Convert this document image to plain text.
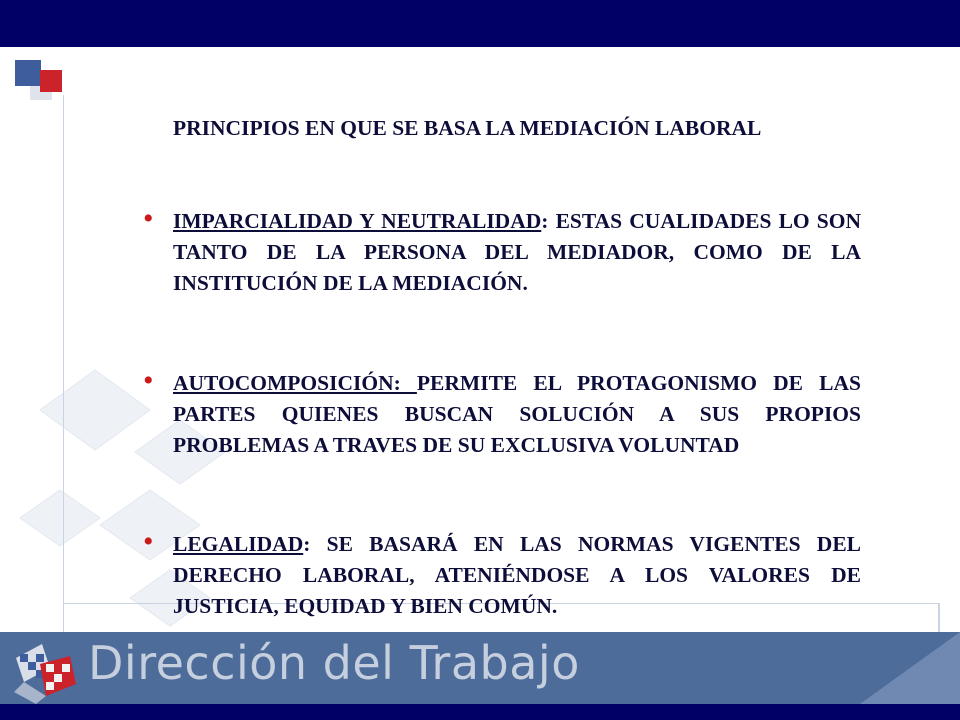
PRINCIPIOS EN QUE SE BASA LA MEDIACIÓN LABORAL
• IMPARCIALIDAD Y NEUTRALIDAD: ESTAS CUALIDADES LO SON TANTO DE LA PERSONA DEL MEDIADOR, COMO DE LA INSTITUCIÓN DE LA MEDIACIÓN.
• AUTOCOMPOSICIÓN: PERMITE EL PROTAGONISMO DE LAS PARTES QUIENES BUSCAN SOLUCIÓN A SUS PROPIOS PROBLEMAS A TRAVES DE SU EXCLUSIVA VOLUNTAD
• LEGALIDAD: SE BASARÁ EN LAS NORMAS VIGENTES DEL DERECHO LABORAL, ATENIÉNDOSE A LOS VALORES DE JUSTICIA, EQUIDAD Y BIEN COMÚN.
Dirección del Trabajo
